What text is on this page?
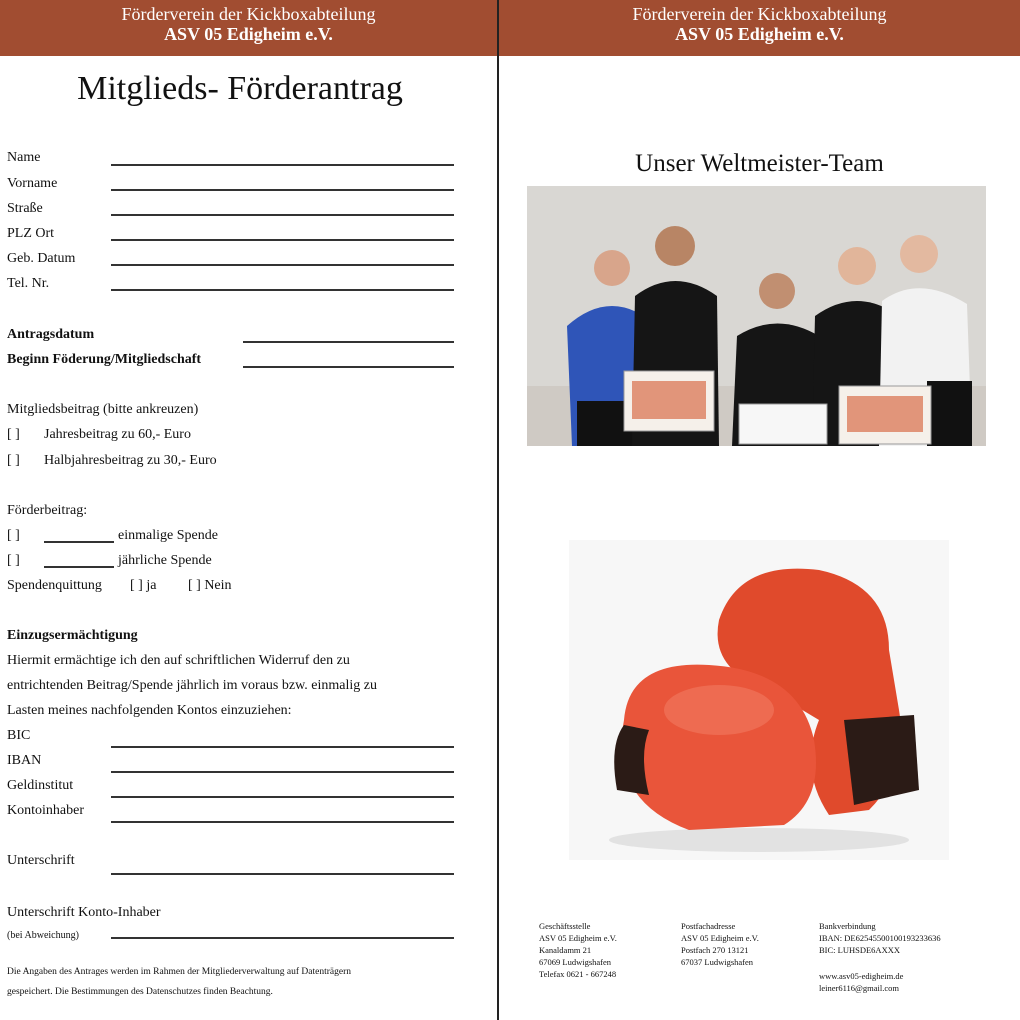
Förderverein der Kickboxabteilung
ASV 05 Edigheim e.V.
Mitglieds- Förderantrag
Name
Vorname
Straße
PLZ Ort
Geb. Datum
Tel. Nr.
Antragsdatum
Beginn Föderung/Mitgliedschaft
Mitgliedsbeitrag (bitte ankreuzen)
[ ] Jahresbeitrag zu 60,- Euro
[ ] Halbjahresbeitrag zu 30,- Euro
Förderbeitrag:
[ ]	einmalige Spende
[ ]	jährliche Spende
Spendenquittung [ ] ja [ ] Nein
Einzugsermächtigung
Hiermit ermächtige ich den auf schriftlichen Widerruf den zu
entrichtenden Beitrag/Spende jährlich im voraus bzw. einmalig zu
Lasten meines nachfolgenden Kontos einzuziehen:
BIC
IBAN
Geldinstitut
Kontoinhaber
Unterschrift
Unterschrift Konto-Inhaber
(bei Abweichung)
Die Angaben des Antrages werden im Rahmen der Mitgliederverwaltung auf Datenträgern
gespeichert. Die Bestimmungen des Datenschutzes finden Beachtung.
Förderverein der Kickboxabteilung
ASV 05 Edigheim e.V.
Unser Weltmeister-Team
Geschäftsstelle
ASV 05 Edigheim e.V.
Kanaldamm 21
67069 Ludwigshafen
Telefax 0621 - 667248
Postfachadresse
ASV 05 Edigheim e.V.
Postfach 270 13121
67037 Ludwigshafen
Bankverbindung
IBAN: DE62545500100193233636
BIC: LUHSDE6AXXX
www.asv05-edigheim.de
leiner6116@gmail.com
